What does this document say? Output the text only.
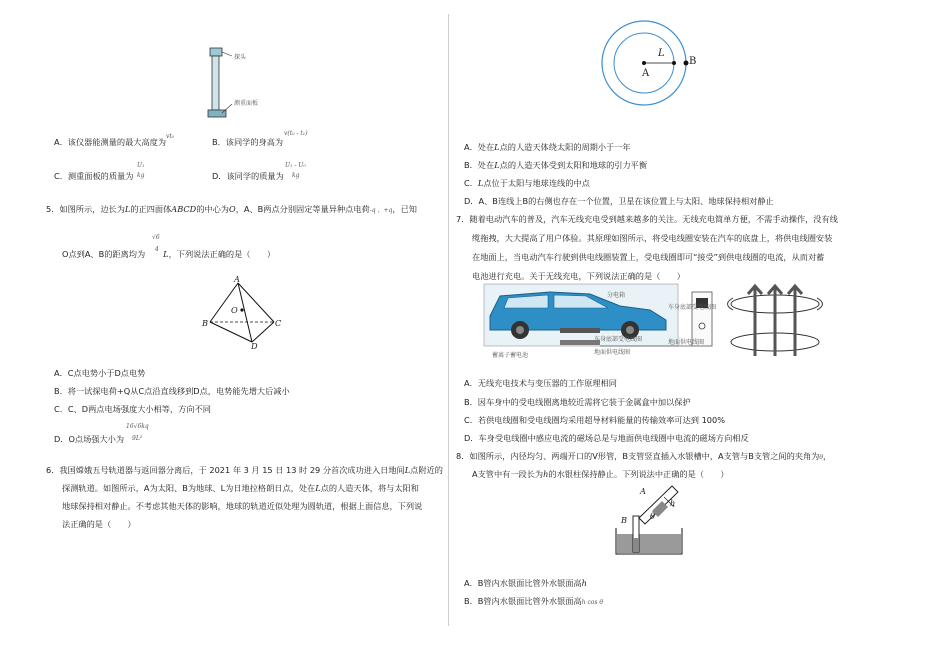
探头
测重面板
A．该仪器能测量的最大高度为
vt₀
B．该同学的身高为
v(t₀ - t₁)
C．测重面板的质量为
U₁
kg	D．该同学的质量为
U₁ - U₀
kg
5．如图所示，边长为L的正四面体ABCD的中心为O，A、B两点分别固定等量异种点电荷-q 、+q，已知
√6
4
O点到A、B的距离均为 L，下列说法正确的是（　　）
A
B	C
D
O
A．C点电势小于D点电势
B．将一试探电荷+Q从C点沿直线移到D点，电势能先增大后减小
C．C、D两点电场强度大小相等，方向不同
D．O点场强大小为
16√6kq
9L²
6．我国嫦娥五号轨道器与返回器分离后，于 2021 年 3 月 15 日 13 时 29 分首次成功进入日地间L点附近的
探测轨道。如图所示，A为太阳、B为地球、L为日地拉格朗日点，处在L点的人造天体，将与太阳和
地球保持相对静止。不考虑其他天体的影响，地球的轨道近似处理为圆轨道，根据上面信息，下列说
法正确的是（　　）
A
L
B
A．处在L点的人造天体绕太阳的周期小于一年
B．处在L点的人造天体受到太阳和地球的引力平衡
C．L点位于太阳与地球连线的中点
D．A、B连线上B的右侧也存在一个位置，卫星在该位置上与太阳、地球保持相对静止
7．随着电动汽车的普及，汽车无线充电受到越来越多的关注。无线充电简单方便，不需手动操作，没有线
缆拖拽，大大提高了用户体验。其原理如图所示，将受电线圈安装在汽车的底盘上，将供电线圈安装
在地面上，当电动汽车行驶到供电线圈装置上，受电线圈即可“接受”到供电线圈的电流，从而对蓄
电池进行充电。关于无线充电，下列说法正确的是（　　）
分电箱
车身底部受电线圈
蓄离子蓄电池	地面供电线圈
车身底部受电线圈
地面供电线圈
A．无线充电技术与变压器的工作原理相同
B．因车身中的受电线圈离地较近需将它装于金属盒中加以保护
C．若供电线圈和受电线圈均采用超导材料能量的传输效率可达到 100%
D．车身受电线圈中感应电流的磁场总是与地面供电线圈中电流的磁场方向相反
8．如图所示，内径均匀、两端开口的V形管，B支管竖直插入水银槽中，A支管与B支管之间的夹角为θ，
A支管中有一段长为h的水银柱保持静止。下列说法中正确的是（　　）
B
A
h
θ
A．B管内水银面比管外水银面高h
B．B管内水银面比管外水银面高h cos θ
